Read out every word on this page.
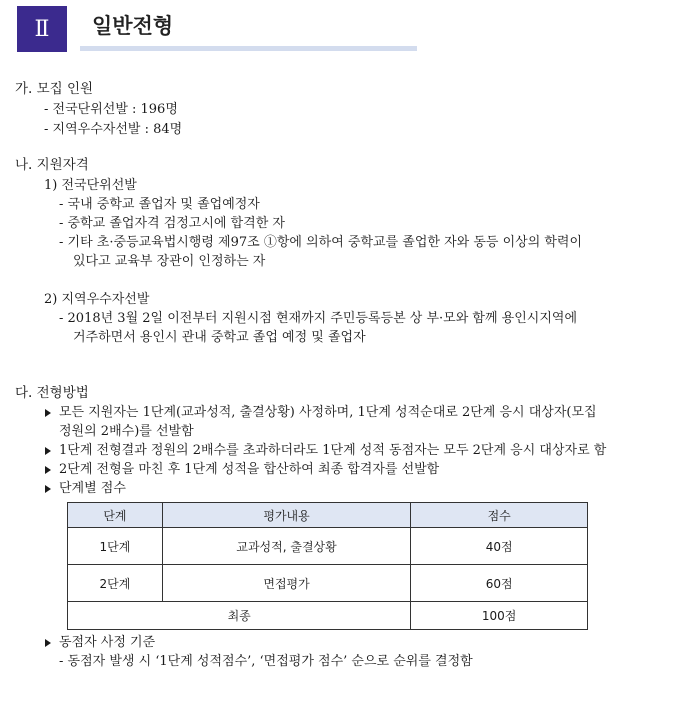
Ⅱ	일반전형
가. 모집 인원
- 전국단위선발 : 196명
- 지역우수자선발 : 84명
나. 지원자격
1) 전국단위선발
- 국내 중학교 졸업자 및 졸업예정자
- 중학교 졸업자격 검정고시에 합격한 자
- 기타 초·중등교육법시행령 제97조 ①항에 의하여 중학교를 졸업한 자와 동등 이상의 학력이
있다고 교육부 장관이 인정하는 자
2) 지역우수자선발
- 2018년 3월 2일 이전부터 지원시점 현재까지 주민등록등본 상 부·모와 함께 용인시지역에
거주하면서 용인시 관내 중학교 졸업 예정 및 졸업자
다. 전형방법
모든 지원자는 1단계(교과성적, 출결상황) 사정하며, 1단계 성적순대로 2단계 응시 대상자(모집
정원의 2배수)를 선발함
1단계 전형결과 정원의 2배수를 초과하더라도 1단계 성적 동점자는 모두 2단계 응시 대상자로 함
2단계 전형을 마친 후 1단계 성적을 합산하여 최종 합격자를 선발함
단계별 점수
단계	평가내용	점수
1단계	교과성적, 출결상황	40점
2단계	면접평가	60점
최종		100점
동점자 사정 기준
- 동점자 발생 시 ‘1단계 성적점수’, ‘면접평가 점수’ 순으로 순위를 결정함
